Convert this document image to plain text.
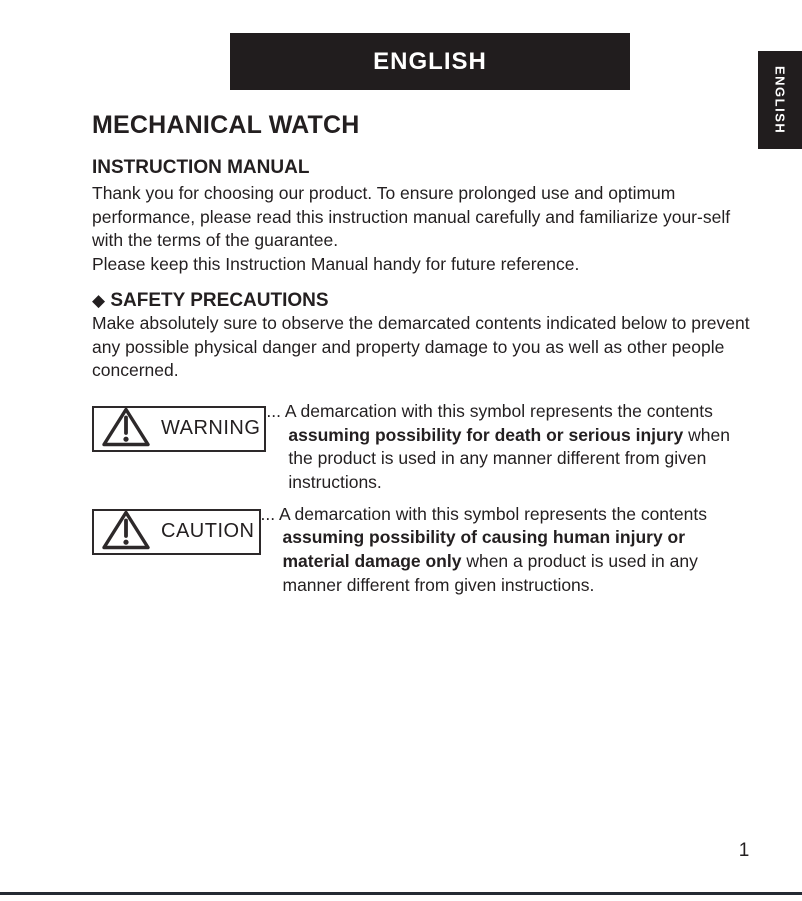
ENGLISH
ENGLISH
MECHANICAL WATCH
INSTRUCTION MANUAL

Thank you for choosing our product. To ensure prolonged use and optimum performance, please read this instruction manual carefully and familiarize your-self with the terms of the guarantee.

Please keep this Instruction Manual handy for future reference.

◆ SAFETY PRECAUTIONS

Make absolutely sure to observe the demarcated contents indicated below to prevent any possible physical danger and property damage to you as well as other people concerned.

WARNING
... A demarcation with this symbol represents the contents assuming possibility for death or serious injury when the product is used in any manner different from given instructions.
CAUTION
... A demarcation with this symbol represents the contents assuming possibility of causing human injury or material damage only when a product is used in any manner different from given instructions.
1
